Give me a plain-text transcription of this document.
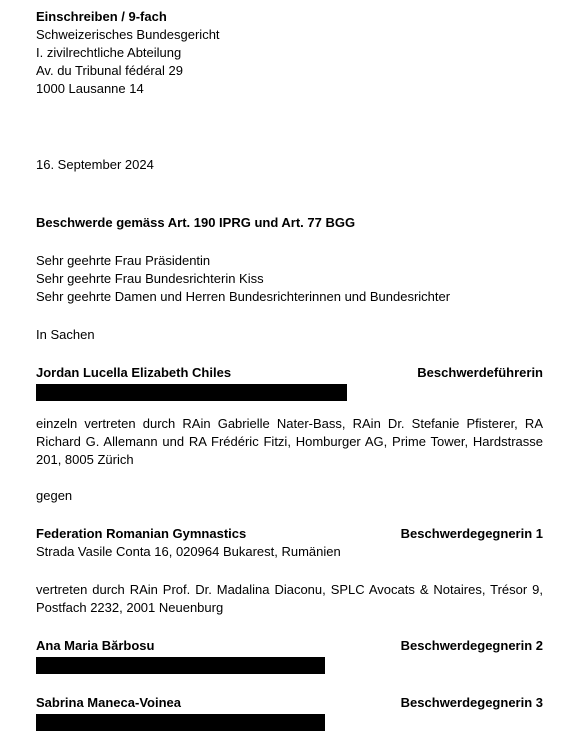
Einschreiben / 9-fach
Schweizerisches Bundesgericht
I. zivilrechtliche Abteilung
Av. du Tribunal fédéral 29
1000 Lausanne 14
16. September 2024
Beschwerde gemäss Art. 190 IPRG und Art. 77 BGG
Sehr geehrte Frau Präsidentin
Sehr geehrte Frau Bundesrichterin Kiss
Sehr geehrte Damen und Herren Bundesrichterinnen und Bundesrichter
In Sachen
Jordan Lucella Elizabeth Chiles	Beschwerdeführerin
einzeln vertreten durch RAin Gabrielle Nater-Bass, RAin Dr. Stefanie Pfisterer, RA Richard G. Allemann und RA Frédéric Fitzi, Homburger AG, Prime Tower, Hardstrasse 201, 8005 Zürich
gegen
Federation Romanian Gymnastics	Beschwerdegegnerin 1
Strada Vasile Conta 16, 020964 Bukarest, Rumänien
vertreten durch RAin Prof. Dr. Madalina Diaconu, SPLC Avocats & Notaires, Trésor 9, Postfach 2232, 2001 Neuenburg
Ana Maria Bărbosu	Beschwerdegegnerin 2
Sabrina Maneca-Voinea	Beschwerdegegnerin 3
